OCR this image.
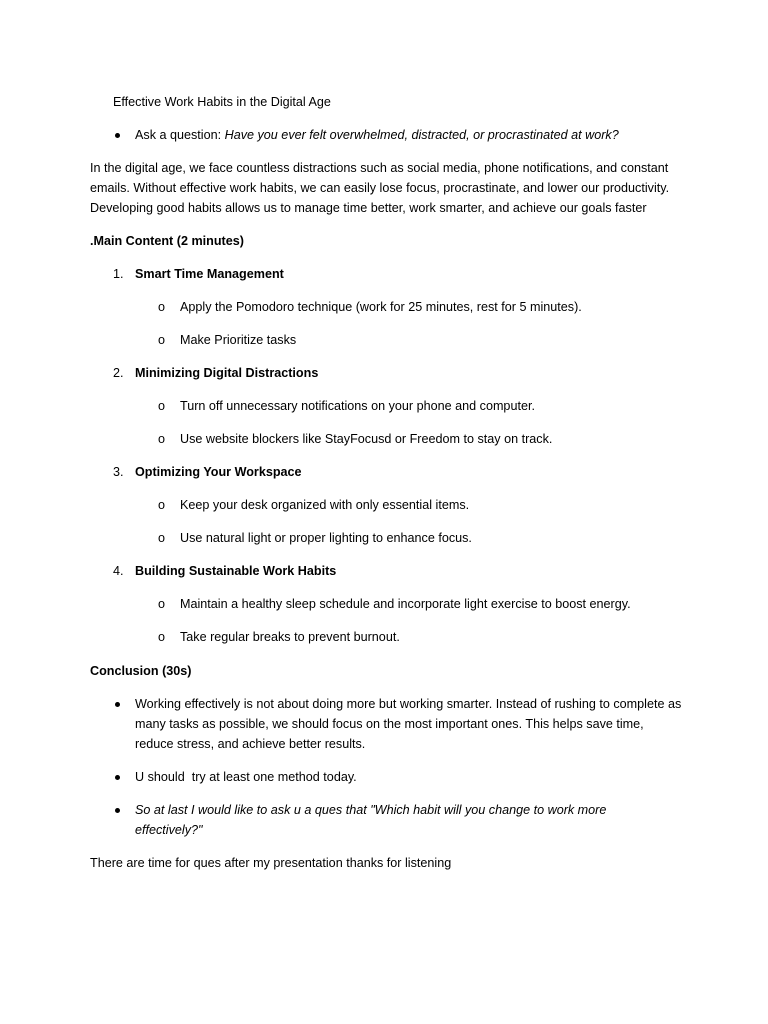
Effective Work Habits in the Digital Age
Ask a question: Have you ever felt overwhelmed, distracted, or procrastinated at work?
In the digital age, we face countless distractions such as social media, phone notifications, and constant emails. Without effective work habits, we can easily lose focus, procrastinate, and lower our productivity. Developing good habits allows us to manage time better, work smarter, and achieve our goals faster
.Main Content (2 minutes)
1. Smart Time Management
o Apply the Pomodoro technique (work for 25 minutes, rest for 5 minutes).
o Make Prioritize tasks
2. Minimizing Digital Distractions
o Turn off unnecessary notifications on your phone and computer.
o Use website blockers like StayFocusd or Freedom to stay on track.
3. Optimizing Your Workspace
o Keep your desk organized with only essential items.
o Use natural light or proper lighting to enhance focus.
4. Building Sustainable Work Habits
o Maintain a healthy sleep schedule and incorporate light exercise to boost energy.
o Take regular breaks to prevent burnout.
Conclusion (30s)
Working effectively is not about doing more but working smarter. Instead of rushing to complete as many tasks as possible, we should focus on the most important ones. This helps save time, reduce stress, and achieve better results.
U should  try at least one method today.
So at last I would like to ask u a ques that "Which habit will you change to work more effectively?"
There are time for ques after my presentation thanks for listening
